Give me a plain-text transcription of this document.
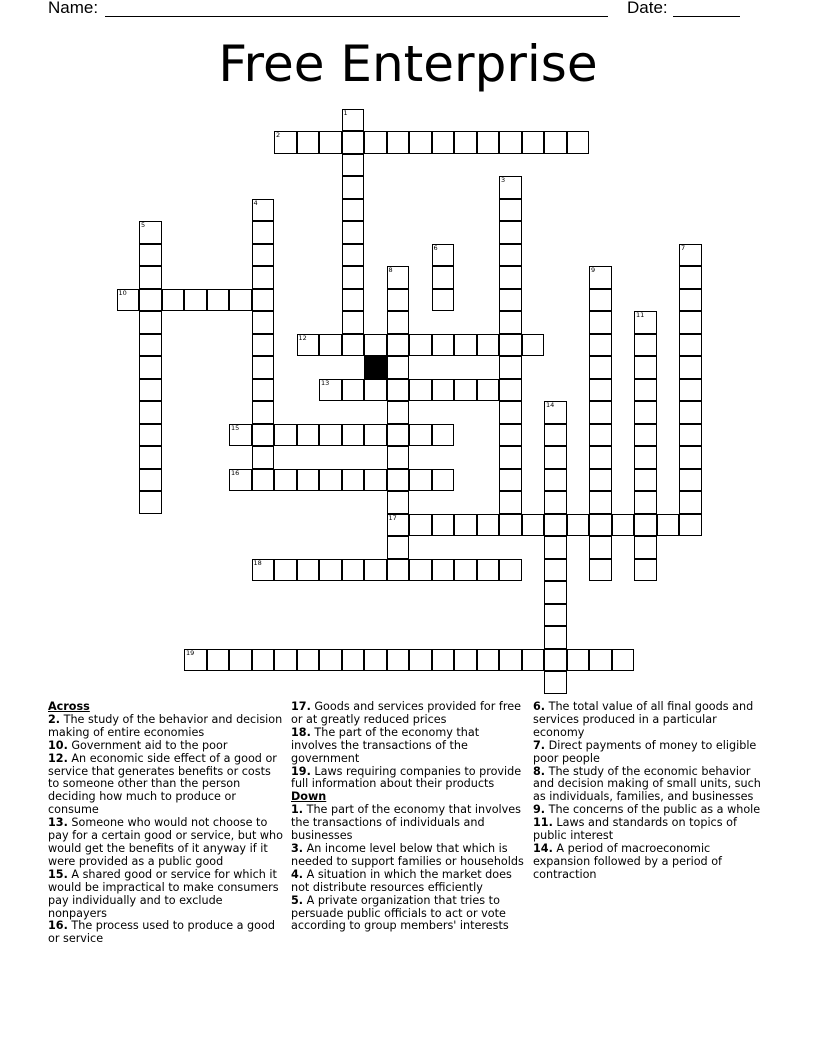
Name:	Date:
Free Enterprise
1
2
3
4
5
6	7
8
17
9
10
11
12
13
14
15
16
18
19
Across
2. The study of the behavior and decision making of entire economies
10. Government aid to the poor
12. An economic side effect of a good or service that generates benefits or costs to someone other than the person deciding how much to produce or consume
13. Someone who would not choose to pay for a certain good or service, but who would get the benefits of it anyway if it were provided as a public good
15. A shared good or service for which it would be impractical to make consumers pay individually and to exclude nonpayers
16. The process used to produce a good or service
17. Goods and services provided for free or at greatly reduced prices
18. The part of the economy that involves the transactions of the government
19. Laws requiring companies to provide full information about their products
Down
1. The part of the economy that involves the transactions of individuals and businesses
3. An income level below that which is needed to support families or households
4. A situation in which the market does not distribute resources efficiently
5. A private organization that tries to persuade public officials to act or vote according to group members' interests
6. The total value of all final goods and services produced in a particular economy
7. Direct payments of money to eligible poor people
8. The study of the economic behavior and decision making of small units, such as individuals, families, and businesses
9. The concerns of the public as a whole
11. Laws and standards on topics of public interest
14. A period of macroeconomic expansion followed by a period of contraction
